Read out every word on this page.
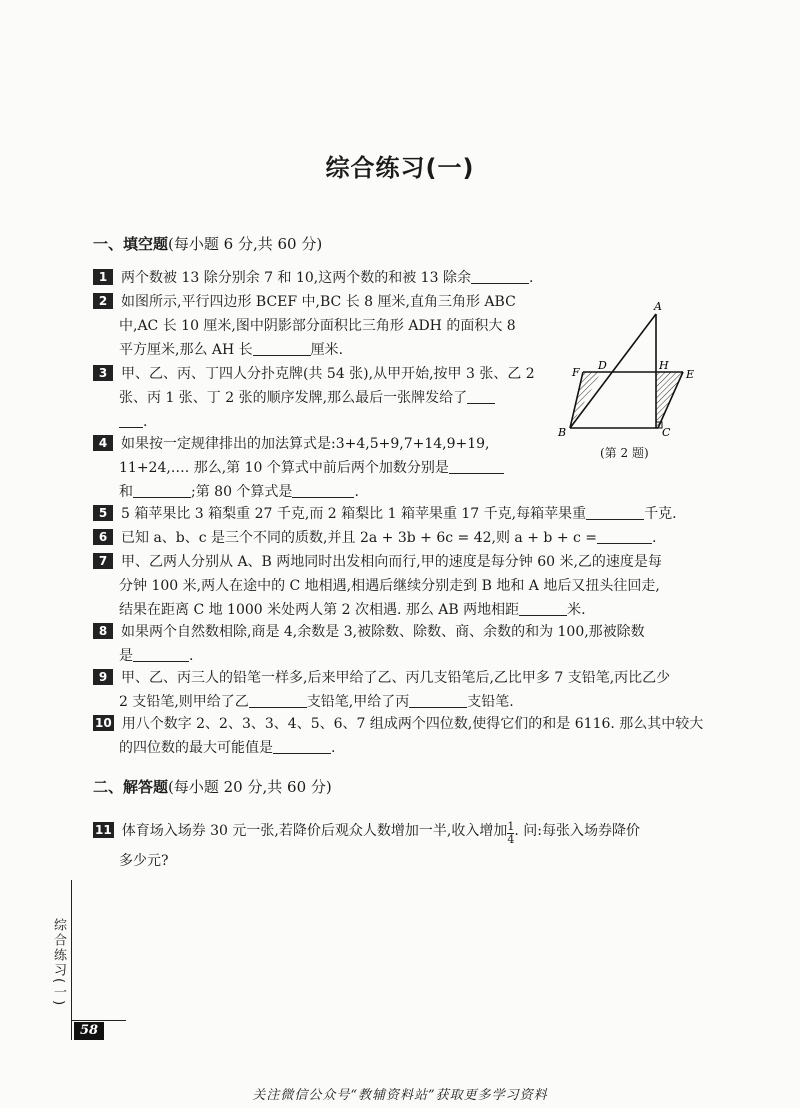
综合练习(一)
一、填空题(每小题 6 分,共 60 分)
1 两个数被 13 除分别余 7 和 10,这两个数的和被 13 除余	.
2 如图所示,平行四边形 BCEF 中,BC 长 8 厘米,直角三角形 ABC
中,AC 长 10 厘米,图中阴影部分面积比三角形 ADH 的面积大 8
平方厘米,那么 AH 长	厘米.
3 甲、乙、丙、丁四人分扑克牌(共 54 张),从甲开始,按甲 3 张、乙 2
张、丙 1 张、丁 2 张的顺序发牌,那么最后一张牌发给了
.
4 如果按一定规律排出的加法算式是:3+4,5+9,7+14,9+19,
11+24,…. 那么,第 10 个算式中前后两个加数分别是
和	;第 80 个算式是	.
A
B	C
D
E
F
H
(第 2 题)
5 5 箱苹果比 3 箱梨重 27 千克,而 2 箱梨比 1 箱苹果重 17 千克,每箱苹果重	千克.
6 已知 a、b、c 是三个不同的质数,并且 2a + 3b + 6c = 42,则 a + b + c =	.
7 甲、乙两人分别从 A、B 两地同时出发相向而行,甲的速度是每分钟 60 米,乙的速度是每
分钟 100 米,两人在途中的 C 地相遇,相遇后继续分别走到 B 地和 A 地后又扭头往回走,
结果在距离 C 地 1000 米处两人第 2 次相遇. 那么 AB 两地相距	米.
8 如果两个自然数相除,商是 4,余数是 3,被除数、除数、商、余数的和为 100,那被除数
是	.
9 甲、乙、丙三人的铅笔一样多,后来甲给了乙、丙几支铅笔后,乙比甲多 7 支铅笔,丙比乙少
2 支铅笔,则甲给了乙	支铅笔,甲给了丙	支铅笔.
10 用八个数字 2、2、3、3、4、5、6、7 组成两个四位数,使得它们的和是 6116. 那么其中较大
的四位数的最大可能值是	.
二、解答题(每小题 20 分,共 60 分)
11 体育场入场券 30 元一张,若降价后观众人数增加一半,收入增加 $\frac{1}{4}$ . 问:每张入场券降价
多少元?
综合练习(一)
58
关注微信公众号“教辅资料站”获取更多学习资料
